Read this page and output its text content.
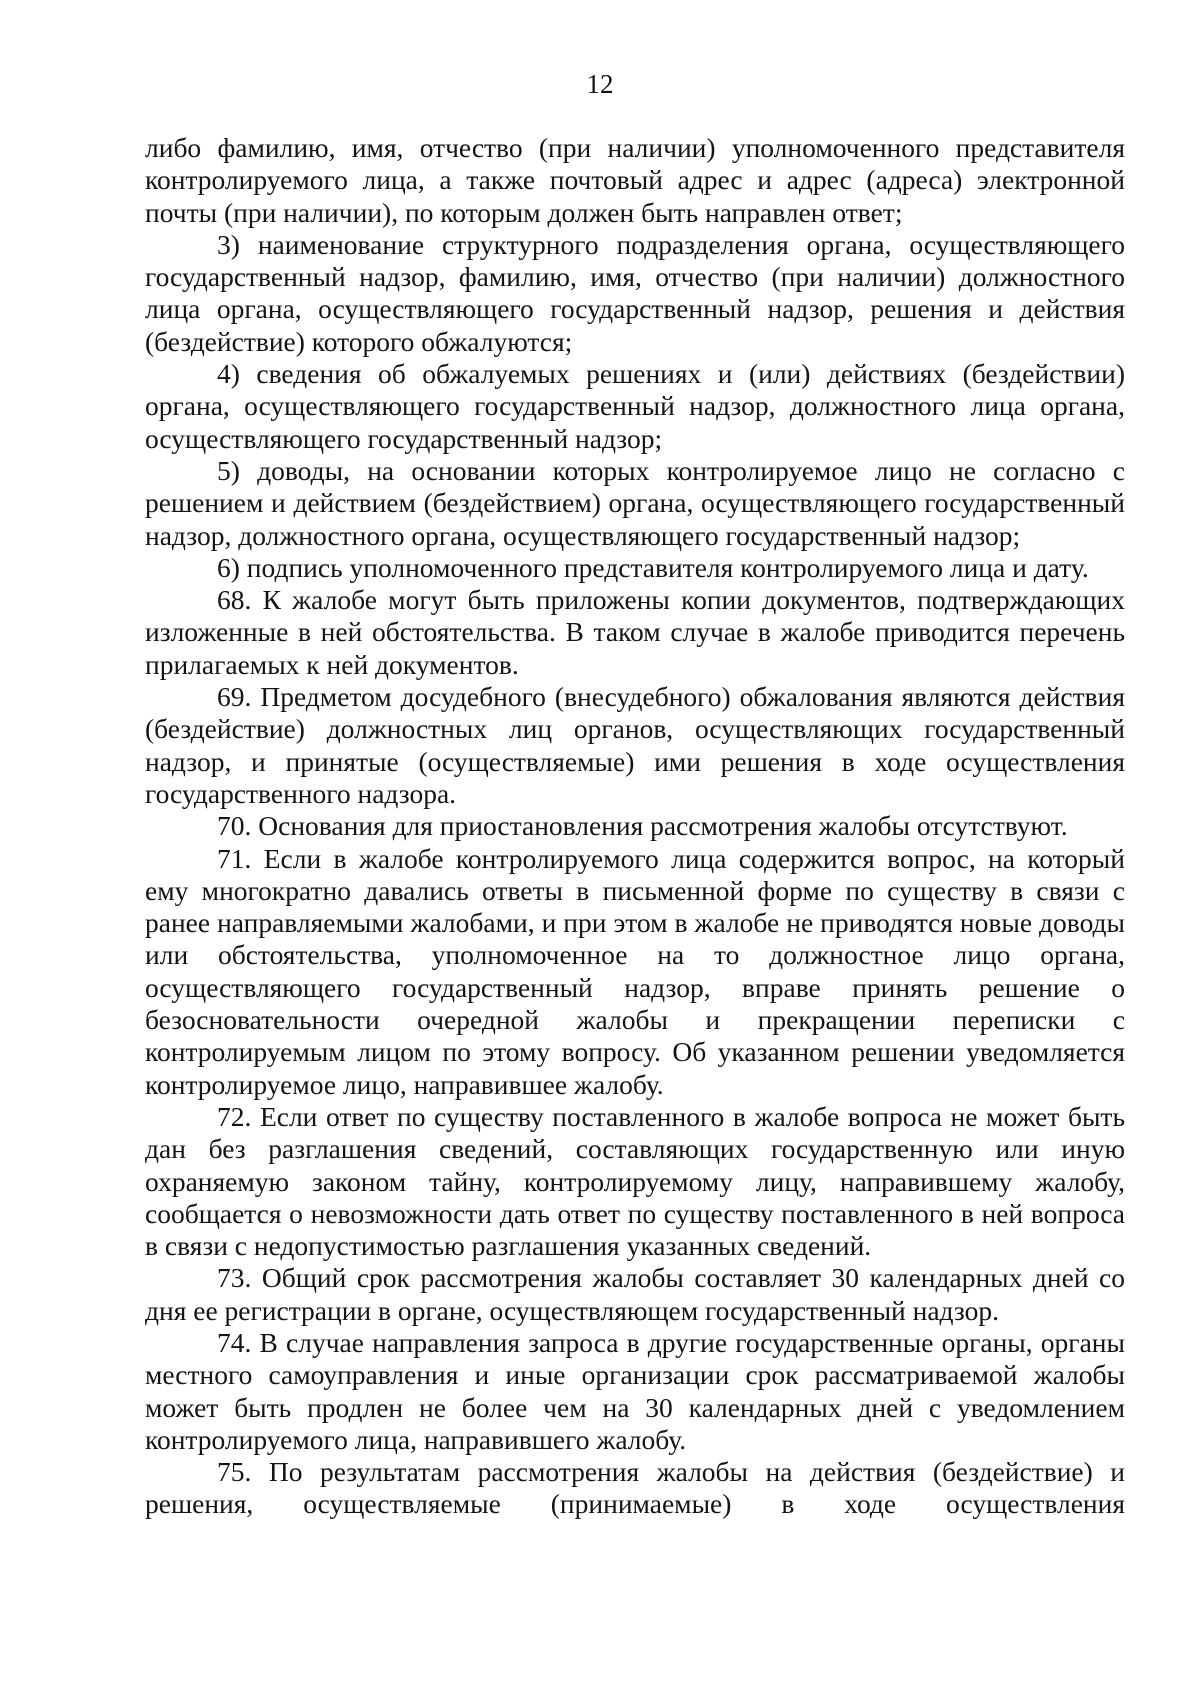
12

либо фамилию, имя, отчество (при наличии) уполномоченного представителя контролируемого лица, а также почтовый адрес и адрес (адреса) электронной почты (при наличии), по которым должен быть направлен ответ;

3) наименование структурного подразделения органа, осуществляющего государственный надзор, фамилию, имя, отчество (при наличии) должностного лица органа, осуществляющего государственный надзор, решения и действия (бездействие) которого обжалуются;

4) сведения об обжалуемых решениях и (или) действиях (бездействии) органа, осуществляющего государственный надзор, должностного лица органа, осуществляющего государственный надзор;

5) доводы, на основании которых контролируемое лицо не согласно с решением и действием (бездействием) органа, осуществляющего государственный надзор, должностного органа, осуществляющего государственный надзор;

6) подпись уполномоченного представителя контролируемого лица и дату.

68. К жалобе могут быть приложены копии документов, подтверждающих изложенные в ней обстоятельства. В таком случае в жалобе приводится перечень прилагаемых к ней документов.

69. Предметом досудебного (внесудебного) обжалования являются действия (бездействие) должностных лиц органов, осуществляющих государственный надзор, и принятые (осуществляемые) ими решения в ходе осуществления государственного надзора.

70. Основания для приостановления рассмотрения жалобы отсутствуют.

71. Если в жалобе контролируемого лица содержится вопрос, на который ему многократно давались ответы в письменной форме по существу в связи с ранее направляемыми жалобами, и при этом в жалобе не приводятся новые доводы или обстоятельства, уполномоченное на то должностное лицо органа, осуществляющего государственный надзор, вправе принять решение о безосновательности очередной жалобы и прекращении переписки с контролируемым лицом по этому вопросу. Об указанном решении уведомляется контролируемое лицо, направившее жалобу.

72. Если ответ по существу поставленного в жалобе вопроса не может быть дан без разглашения сведений, составляющих государственную или иную охраняемую законом тайну, контролируемому лицу, направившему жалобу, сообщается о невозможности дать ответ по существу поставленного в ней вопроса в связи с недопустимостью разглашения указанных сведений.

73. Общий срок рассмотрения жалобы составляет 30 календарных дней со дня ее регистрации в органе, осуществляющем государственный надзор.

74. В случае направления запроса в другие государственные органы, органы местного самоуправления и иные организации срок рассматриваемой жалобы может быть продлен не более чем на 30 календарных дней с уведомлением контролируемого лица, направившего жалобу.

75. По результатам рассмотрения жалобы на действия (бездействие) и решения, осуществляемые (принимаемые) в ходе осуществления
